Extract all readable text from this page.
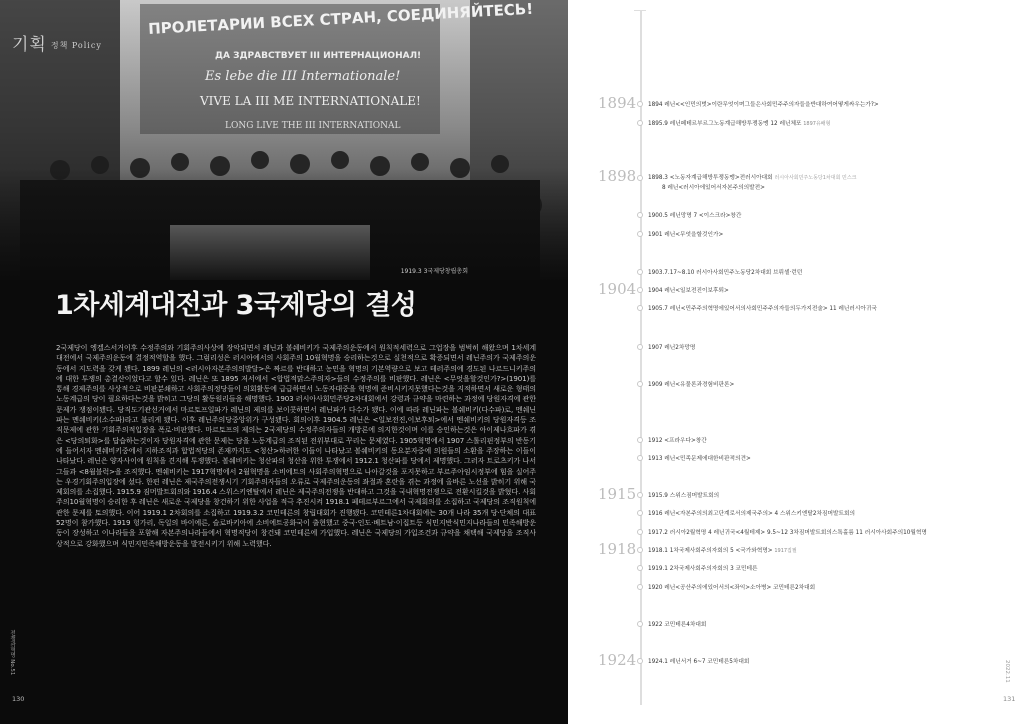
ПРОЛЕТАРИИ ВСЕХ СТРАН, СОЕДИНЯЙТЕСЬ!
ДА ЗДРАВСТВУЕТ III ИНТЕРНАЦИОНАЛ!
Es lebe die III Internationale!
VIVE LA III ME INTERNATIONALE!
LONG LIVE THE III INTERNATIONAL
기획 정책 Policy
1919.3 3국제당창립총회
1차세계대전과 3국제당의 결성

2국제당이 엥겔스서거이후 수정주의와 기회주의사상에 장악되면서 레닌과 볼쉐비키가 국제주의운동에서 원칙적세력으로 그업장을 범벅히 해왔으며 1차세계대전에서 국제주의운동에 결정적역할을 했다. 그럼리성은 러시아에서의 사회주의 10월혁명을 승리하는것으로 실천적으로 확증되면서 레닌주의가 국제주의운동에서 지도력을 갖게 됐다. 1899 레닌의 <러시아자본주의의발달>은 짜르를 반대하고 농민을 혁명의 기본역량으로 보고 테러주의에 경도된 나르드니키주의에 대한 투쟁의 총결산이었다고 할수 있다. 레닌은 또 1895 저서에서 <합법적맑스주의자>들의 수정주의를 비판했다. 레닌은 <무엇을할것인가?>(1901)를 통해 경제주의를 사상적으로 비판분쇄하고 사회주의정당들이 의회활동에 급급하면서 노동자대중을 혁명에 준비시키지못했다는것을 지적하면서 새로운 형태의 노동계급의 당이 필요하다는것을 밝히고 그당의 활동원리들을 해명했다. 1903 러시아사회민주당2차대회에서 강령과 규약을 마련하는 과정에 당원자격에 관한 문제가 쟁점이됐다. 당직도기관선거에서 마르토프일파가 레닌의 제의를 보이콧하면서 레닌파가 다수가 됐다. 이에 따라 레닌파는 볼쉐비키(다수파)로, 멘쉐닌파는 멘쉐비키(소수파)라고 불리게 됐다. 이후 레닌주의당중앙위가 구성됐다. 회의이후 1904.5 레닌은 <일보전진,이보후퇴>에서 멘쉐비키의 당원자격등 조직문제에 관한 기회주의적입장을 폭로·비판했다. 마르토프의 제의는 2국제당의 수정주의자들의 개방론에 의지한것이며 이를 승인하는것은 아이제나흐파가 겪은 <당의퇴화>를 답습하는것이자 당원자격에 관한 문제는 당을 노동계급의 조직된 전위부대로 꾸리는 문제였다. 1905혁명에서 1907 스톨리핀정부의 반동기에 들어서자 멘쉐비키중에서 지하조직과 합법적당의 존재까지도 <청산>하려한 이들이 나타났고 볼쉐비키의 동요분자중에 의원들의 소환을 주장하는 이들이 나타났다. 레닌은 양자사이에 원칙을 견지해 투쟁했다. 볼쉐비키는 청산파의 청산을 위한 투쟁에서 1912.1 청산파를 당에서 제명했다. 그러자 트로츠키가 나서 그들과 <8월블럭>을 조직했다. 멘쉐비키는 1917혁명에서 2월혁명을 소비에트의 사회주의혁명으로 나아갈것을 포지못하고 부르주아임시정부에 힘을 실어주는 우경기회주의입장에 섰다. 한편 레닌은 제국주의전쟁시기 기회주의자들의 오류로 국제주의운동의 좌절과 혼란을 겪는 과정에 올바른 노선을 밝히기 위해 국제회의를 소집했다. 1915.9 짐머발트회의와 1916.4 스위스키엔탈에서 레닌은 제국주의전쟁을 반대하고 그것을 국내혁명전쟁으로 전환시킬것을 밝혔다. 사회주의10월혁명이 승리한 후 레닌은 새로운 국제당을 창건하기 위한 사업을 적극 추진시켜 1918.1 페테르부르그에서 국제회의를 소집하고 국제당의 조직원칙에 관한 문제를 토의했다. 이어 1919.1 2차회의를 소집하고 1919.3.2 코민테른의 창립대회가 진행됐다. 코민테른1차대회에는 30개 나라 35개 당·단체의 대표52명이 참가했다. 1919 헝가리, 독일의 바이에른, 슬로바키아에 소비에트공화국이 출현했고 중국·인도·베트남·이집트등 식민지반식민지나라들의 민족해방운동이 장성하고 이나라들을 포함해 자본주의나라들에서 혁명적당이 창건돼 코민테른에 가입했다. 레닌은 국제당의 가입조건과 규약을 채택해 국제당을 조직사상적으로 강화했으며 식민지민족해방운동을 발전시키기 위해 노력했다.

전쟁과혁명 No.51
130
1894 1894 레닌<<인민의벗>이란무엇이며그들은사회민주주의자들을반대하여어떻게싸우는가?>
1895.9 레닌페테르부르그노동계급해방투쟁동맹 12 레닌체포 1897유배형
1898 1898.3 <노동자계급해방투쟁동맹>전러시아대회 러시아사회민주노동당1차대회 민스크
8 레닌<러시아에있어서자본주의의발전>
1900.5 레닌망명 7 <이스크라>창간
1901 레닌<무엇을할것인가>
1903.7.17~8.10 러시아사회민주노동당2차대회 브뤼셀·런던
1904 1904 레닌<일보전진이보후퇴>
1905.7 레닌<민주주의혁명에있어서의사회민주주의자들의두가지전술> 11 레닌러시아귀국
1907 레닌2차망명
1909 레닌<유물론과경험비판론>
1912 <프라우다>창간
1913 레닌<민족문제에대한비판적의견>
1915 1915.9 스위스짐머발트회의
1916 레닌<자본주의의최고단계로서의제국주의> 4 스위스키엔탈2차짐머발트회의
1917.2 러시아2월혁명 4 레닌귀국<4월테제> 9.5~12 3차짐머발트회의스톡홀름 11 러시아사회주의10월혁명
1918 1918.1 1차국제사회주의자회의 5 <국가와혁명> 1917집필
1919.1 2차국제사회주의자회의 3 코민테른
1920 레닌<공산주의에있어서의<좌익>소아병> 코민테른2차대회
1922 코민테른4차대회
1924 1924.1 레닌서거 6~7 코민테른5차대회	2022.11
131
